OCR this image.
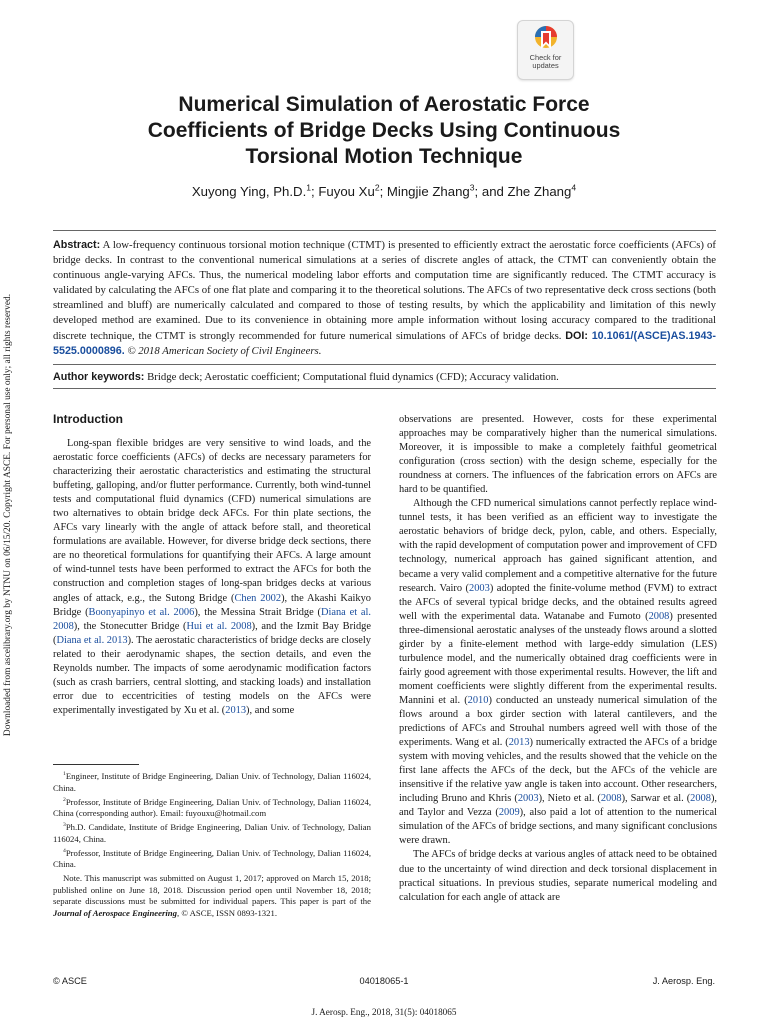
Downloaded from ascelibrary.org by NTNU on 06/15/20. Copyright ASCE. For personal use only; all rights reserved.
Check for
updates
Numerical Simulation of Aerostatic Force
Coefficients of Bridge Decks Using Continuous
Torsional Motion Technique
Xuyong Ying, Ph.D.$^1$; Fuyou Xu$^2$; Mingjie Zhang$^3$; and Zhe Zhang$^4$
Abstract: A low-frequency continuous torsional motion technique (CTMT) is presented to efficiently extract the aerostatic force coefficients (AFCs) of bridge decks. In contrast to the conventional numerical simulations at a series of discrete angles of attack, the CTMT can conveniently obtain the continuous angle-varying AFCs. Thus, the numerical modeling labor efforts and computation time are significantly reduced. The CTMT accuracy is validated by calculating the AFCs of one flat plate and comparing it to the theoretical solutions. The AFCs of two representative deck cross sections (both streamlined and bluff) are numerically calculated and compared to those of testing results, by which the applicability and limitation of this newly developed method are examined. Due to its convenience in obtaining more ample information without losing accuracy compared to the traditional discrete technique, the CTMT is strongly recommended for future numerical simulations of AFCs of bridge decks. DOI: 10.1061/(ASCE)AS.1943-5525.0000896. © 2018 American Society of Civil Engineers.
Author keywords: Bridge deck; Aerostatic coefficient; Computational fluid dynamics (CFD); Accuracy validation.
Introduction

Long-span flexible bridges are very sensitive to wind loads, and the aerostatic force coefficients (AFCs) of decks are necessary parameters for characterizing their aerostatic characteristics and estimating the structural buffeting, galloping, and/or flutter performance. Currently, both wind-tunnel tests and computational fluid dynamics (CFD) numerical simulations are two alternatives to obtain bridge deck AFCs. For thin plate sections, the AFCs vary linearly with the angle of attack before stall, and theoretical formulations are available. However, for diverse bridge deck sections, there are no theoretical formulations for quantifying their AFCs. A large amount of wind-tunnel tests have been performed to extract the AFCs for both the construction and completion stages of long-span bridges decks at various angles of attack, e.g., the Sutong Bridge (Chen 2002), the Akashi Kaikyo Bridge (Boonyapinyo et al. 2006), the Messina Strait Bridge (Diana et al. 2008), the Stonecutter Bridge (Hui et al. 2008), and the Izmit Bay Bridge (Diana et al. 2013). The aerostatic characteristics of bridge decks are closely related to their aerodynamic shapes, the section details, and even the Reynolds number. The impacts of some aerodynamic modification factors (such as crash barriers, central slotting, and stacking loads) and installation error due to eccentricities of testing models on the AFCs were experimentally investigated by Xu et al. (2013), and some

$^1$Engineer, Institute of Bridge Engineering, Dalian Univ. of Technology, Dalian 116024, China.

$^2$Professor, Institute of Bridge Engineering, Dalian Univ. of Technology, Dalian 116024, China (corresponding author). Email: fuyouxu@hotmail.com

$^3$Ph.D. Candidate, Institute of Bridge Engineering, Dalian Univ. of Technology, Dalian 116024, China.

$^4$Professor, Institute of Bridge Engineering, Dalian Univ. of Technology, Dalian 116024, China.

Note. This manuscript was submitted on August 1, 2017; approved on March 15, 2018; published online on June 18, 2018. Discussion period open until November 18, 2018; separate discussions must be submitted for individual papers. This paper is part of the Journal of Aerospace Engineering, © ASCE, ISSN 0893-1321.

observations are presented. However, costs for these experimental approaches may be comparatively higher than the numerical simulations. Moreover, it is impossible to make a completely faithful geometrical configuration (cross section) with the design scheme, especially for the roundness at corners. The influences of the fabrication errors on AFCs are hard to be quantified.

Although the CFD numerical simulations cannot perfectly replace wind-tunnel tests, it has been verified as an efficient way to investigate the aerostatic behaviors of bridge deck, pylon, cable, and others. Especially, with the rapid development of computation power and improvement of CFD technology, numerical approach has gained significant attention, and became a very valid complement and a competitive alternative for the future research. Vairo (2003) adopted the finite-volume method (FVM) to extract the AFCs of several typical bridge decks, and the obtained results agreed well with the experimental data. Watanabe and Fumoto (2008) presented three-dimensional aerostatic analyses of the unsteady flows around a slotted girder by a finite-element method with large-eddy simulation (LES) turbulence model, and the numerically obtained drag coefficients were in fairly good agreement with those experimental results. However, the lift and moment coefficients were slightly different from the experimental results. Mannini et al. (2010) conducted an unsteady numerical simulation of the flows around a box girder section with lateral cantilevers, and the predictions of AFCs and Strouhal numbers agreed well with those of the experiments. Wang et al. (2013) numerically extracted the AFCs of a bridge system with moving vehicles, and the results showed that the vehicle on the first lane affects the AFCs of the deck, but the AFCs of the vehicle are insensitive if the relative yaw angle is taken into account. Other researchers, including Bruno and Khris (2003), Nieto et al. (2008), Sarwar et al. (2008), and Taylor and Vezza (2009), also paid a lot of attention to the numerical simulation of the AFCs of bridge sections, and many significant conclusions were drawn.

The AFCs of bridge decks at various angles of attack need to be obtained due to the uncertainty of wind direction and deck torsional displacement in practical situations. In previous studies, separate numerical modeling and calculation for each angle of attack are

© ASCE	04018065-1	J. Aerosp. Eng.
J. Aerosp. Eng., 2018, 31(5): 04018065
